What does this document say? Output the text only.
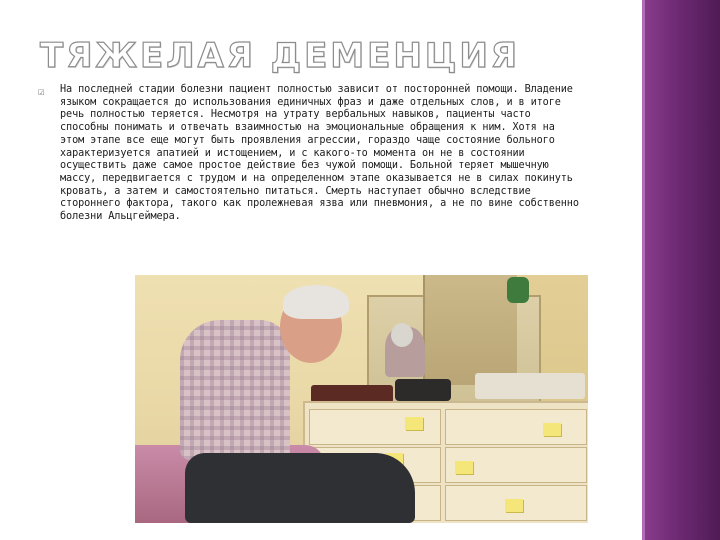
ТЯЖЕЛАЯ ДЕМЕНЦИЯ
☑	На последней стадии болезни пациент полностью зависит от посторонней помощи. Владение
языком сокращается до использования единичных фраз и даже отдельных слов, и в итоге
речь полностью теряется. Несмотря на утрату вербальных навыков, пациенты часто
способны понимать и отвечать взаимностью на эмоциональные обращения к ним. Хотя на
этом этапе все еще могут быть проявления агрессии, гораздо чаще состояние больного
характеризуется апатией и истощением, и с какого-то момента он не в состоянии
осуществить даже самое простое действие без чужой помощи. Больной теряет мышечную
массу, передвигается с трудом и на определенном этапе оказывается не в силах покинуть
кровать, а затем и самостоятельно питаться. Смерть наступает обычно вследствие
стороннего фактора, такого как пролежневая язва или пневмония, а не по вине собственно
болезни Альцгеймера.
